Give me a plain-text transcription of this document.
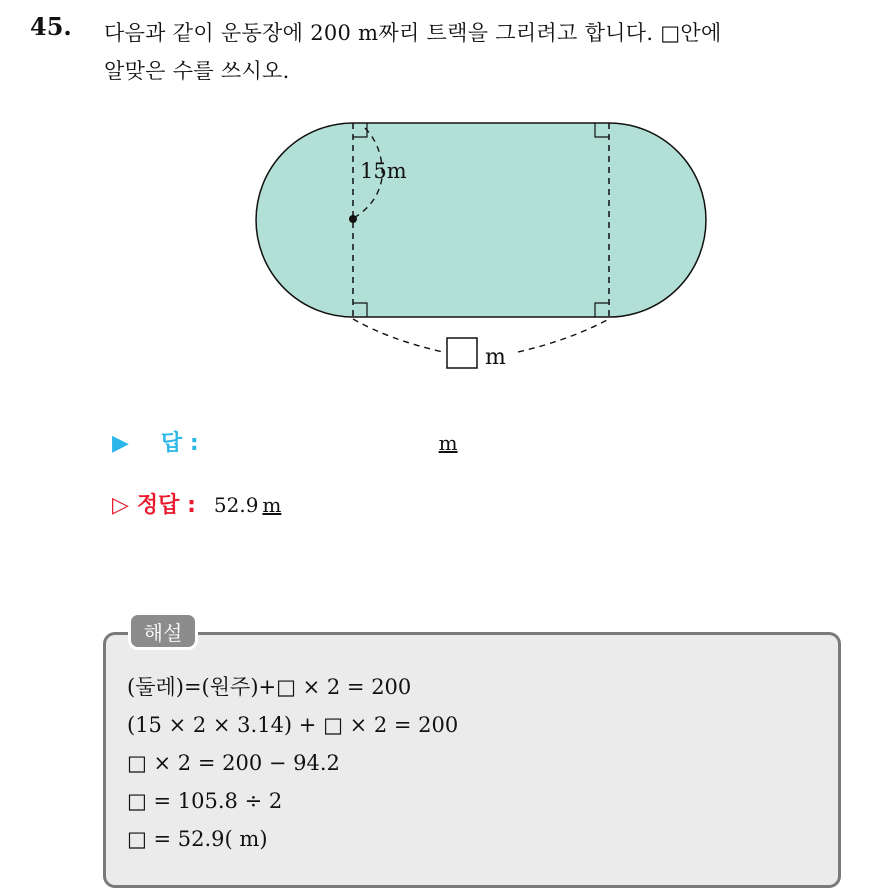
45. 다음과 같이 운동장에 200 m짜리 트랙을 그리려고 합니다. □안에
알맞은 수를 쓰시오.
15m
m
▶ 답 :	m
▷ 정답 : 52.9 m
해설
(둘레)=(원주)+□ × 2 = 200
(15 × 2 × 3.14) + □ × 2 = 200
□ × 2 = 200 − 94.2
□ = 105.8 ÷ 2
□ = 52.9( m)
